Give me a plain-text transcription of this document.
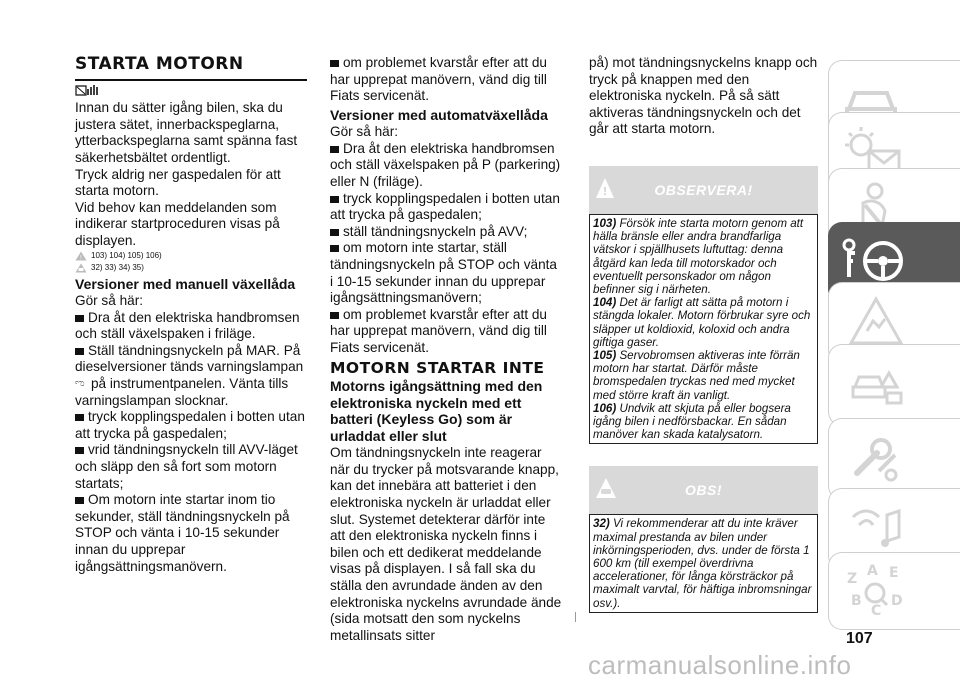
STARTA MOTORN

Innan du sätter igång bilen, ska du justera sätet, innerbackspeglarna, ytterbackspeglarna samt spänna fast säkerhetsbältet ordentligt.

Tryck aldrig ner gaspedalen för att starta motorn.

Vid behov kan meddelanden som indikerar startproceduren visas på displayen.

! 103) 104) 105) 106)
32) 33) 34) 35)
Versioner med manuell växellåda

Gör så här:

Dra åt den elektriska handbromsen och ställ växelspaken i friläge.

Ställ tändningsnyckeln på MAR. På dieselversioner tänds varningslampan
ಌ på instrumentpanelen. Vänta tills varningslampan slocknar.

tryck kopplingspedalen i botten utan att trycka på gaspedalen;

vrid tändningsnyckeln till AVV-läget och släpp den så fort som motorn startats;

Om motorn inte startar inom tio sekunder, ställ tändningsnyckeln på STOP och vänta i 10-15 sekunder innan du upprepar igångsättningsmanövern.

om problemet kvarstår efter att du har upprepat manövern, vänd dig till Fiats servicenät.

Versioner med automatväxellåda

Gör så här:

Dra åt den elektriska handbromsen och ställ växelspaken på P (parkering) eller N (friläge).

tryck kopplingspedalen i botten utan att trycka på gaspedalen;

ställ tändningsnyckeln på AVV;

om motorn inte startar, ställ tändningsnyckeln på STOP och vänta i 10-15 sekunder innan du upprepar igångsättningsmanövern;

om problemet kvarstår efter att du har upprepat manövern, vänd dig till Fiats servicenät.

MOTORN STARTAR INTE
Motorns igångsättning med den elektroniska nyckeln med ett batteri (Keyless Go) som är urladdat eller slut

Om tändningsnyckeln inte reagerar när du trycker på motsvarande knapp, kan det innebära att batteriet i den elektroniska nyckeln är urladdat eller slut. Systemet detekterar därför inte att den elektroniska nyckeln finns i bilen och ett dedikerat meddelande visas på displayen. I så fall ska du ställa den avrundade änden av den elektroniska nyckelns avrundade ände (sida motsatt den som nyckelns metallinsats sitter

på) mot tändningsnyckelns knapp och tryck på knappen med den elektroniska nyckeln. På så sätt aktiveras tändningsnyckeln och det går att starta motorn.

!	OBSERVERA!

103) Försök inte starta motorn genom att hälla bränsle eller andra brandfarliga vätskor i spjällhusets luftuttag: denna åtgärd kan leda till motorskador och eventuellt personskador om någon befinner sig i närheten.

104) Det är farligt att sätta på motorn i stängda lokaler. Motorn förbrukar syre och släpper ut koldioxid, koloxid och andra giftiga gaser.

105) Servobromsen aktiveras inte förrän motorn har startat. Därför måste bromspedalen tryckas ned med mycket med större kraft än vanligt.

106) Undvik att skjuta på eller bogsera igång bilen i nedförsbackar. En sådan manöver kan skada katalysatorn.

OBS!

32) Vi rekommenderar att du inte kräver maximal prestanda av bilen under inkörningsperioden, dvs. under de första 1 600 km (till exempel överdrivna accelerationer, för långa körsträckor på maximalt varvtal, för häftiga inbromsningar osv.).

Z A E
B
C
D
107
carmanualsonline.info
